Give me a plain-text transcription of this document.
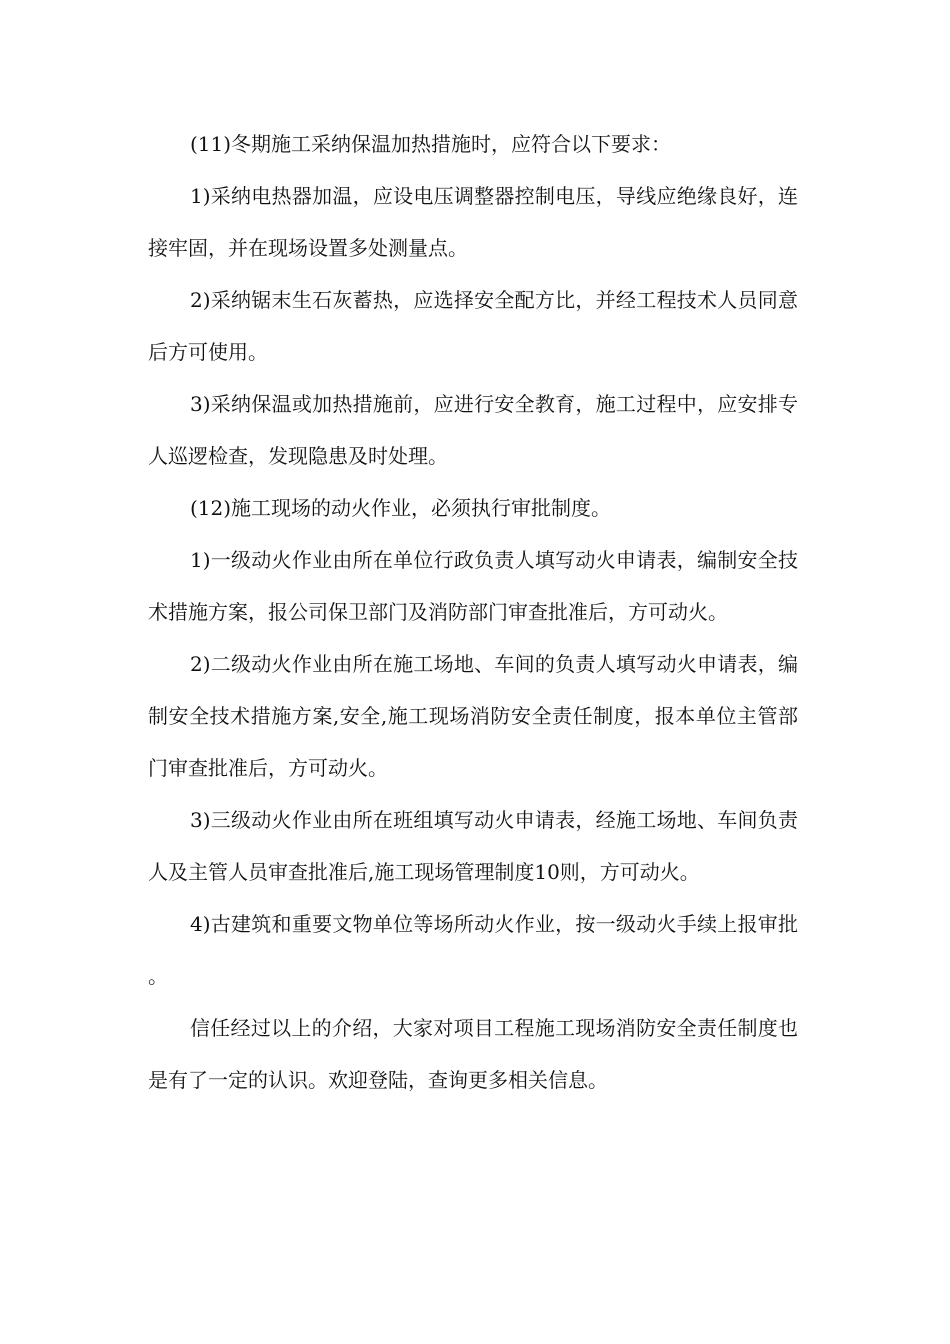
(11)冬期施工采纳保温加热措施时，应符合以下要求：

1)采纳电热器加温，应设电压调整器控制电压，导线应绝缘良好，连接牢固，并在现场设置多处测量点。

2)采纳锯末生石灰蓄热，应选择安全配方比，并经工程技术人员同意后方可使用。

3)采纳保温或加热措施前，应进行安全教育，施工过程中，应安排专人巡逻检查，发现隐患及时处理。

(12)施工现场的动火作业，必须执行审批制度。

1)一级动火作业由所在单位行政负责人填写动火申请表，编制安全技术措施方案，报公司保卫部门及消防部门审查批准后，方可动火。

2)二级动火作业由所在施工场地、车间的负责人填写动火申请表，编制安全技术措施方案,安全,施工现场消防安全责任制度，报本单位主管部门审查批准后，方可动火。

3)三级动火作业由所在班组填写动火申请表，经施工场地、车间负责人及主管人员审查批准后,施工现场管理制度10则，方可动火。

4)古建筑和重要文物单位等场所动火作业，按一级动火手续上报审批。

信任经过以上的介绍，大家对项目工程施工现场消防安全责任制度也是有了一定的认识。欢迎登陆，查询更多相关信息。
